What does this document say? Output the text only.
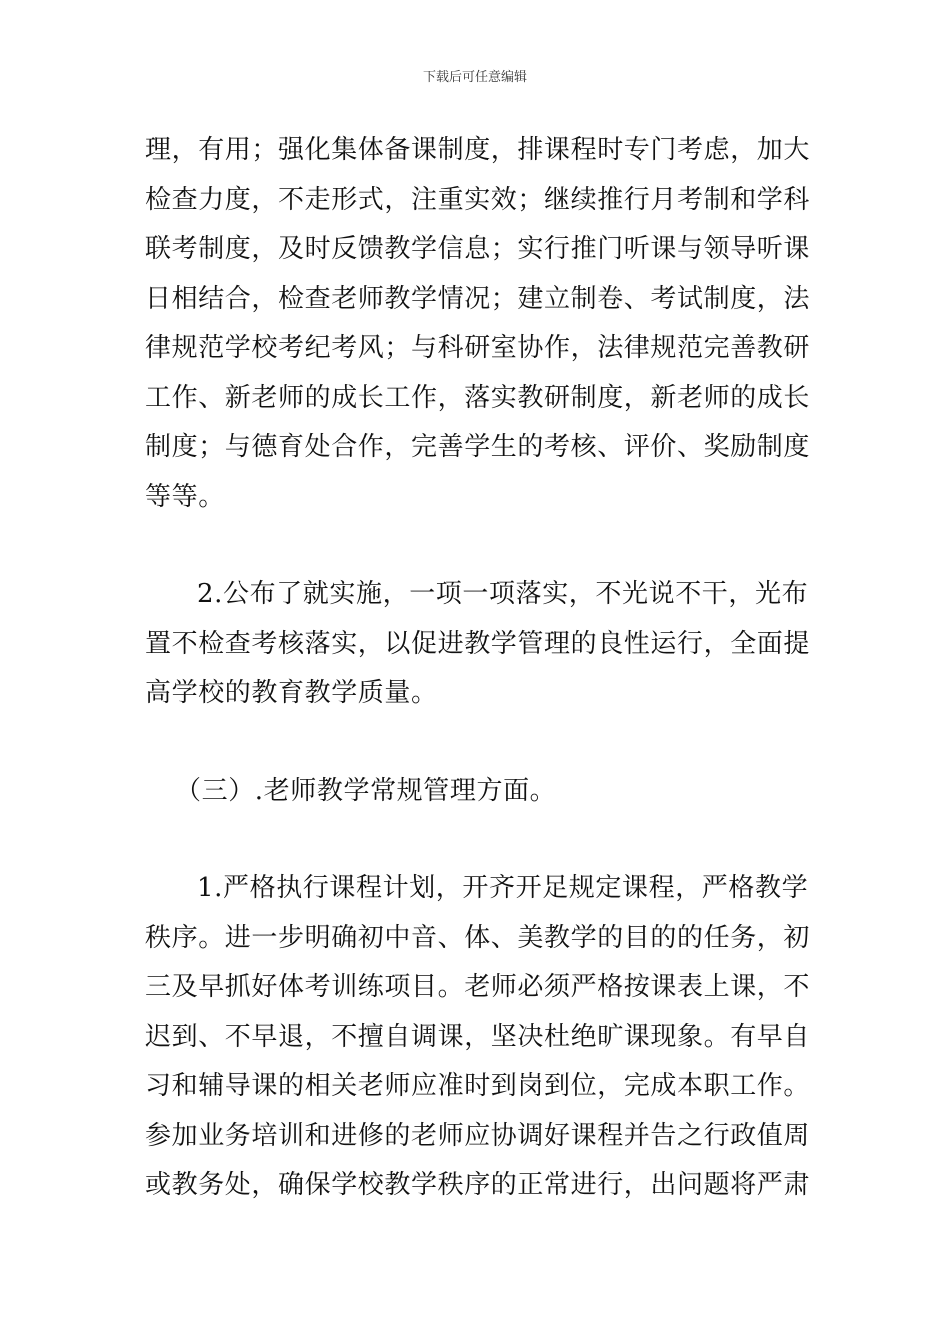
下载后可任意编辑
理，有用；强化集体备课制度，排课程时专门考虑，加大
检查力度，不走形式，注重实效；继续推行月考制和学科
联考制度，及时反馈教学信息；实行推门听课与领导听课
日相结合，检查老师教学情况；建立制卷、考试制度，法
律规范学校考纪考风；与科研室协作，法律规范完善教研
工作、新老师的成长工作，落实教研制度，新老师的成长
制度；与德育处合作，完善学生的考核、评价、奖励制度
等等。
2.公布了就实施，一项一项落实，不光说不干，光布
置不检查考核落实，以促进教学管理的良性运行，全面提
高学校的教育教学质量。
（三）.老师教学常规管理方面。
1.严格执行课程计划，开齐开足规定课程，严格教学
秩序。进一步明确初中音、体、美教学的目的的任务，初
三及早抓好体考训练项目。老师必须严格按课表上课，不
迟到、不早退，不擅自调课，坚决杜绝旷课现象。有早自
习和辅导课的相关老师应准时到岗到位，完成本职工作。
参加业务培训和进修的老师应协调好课程并告之行政值周
或教务处，确保学校教学秩序的正常进行，出问题将严肃
